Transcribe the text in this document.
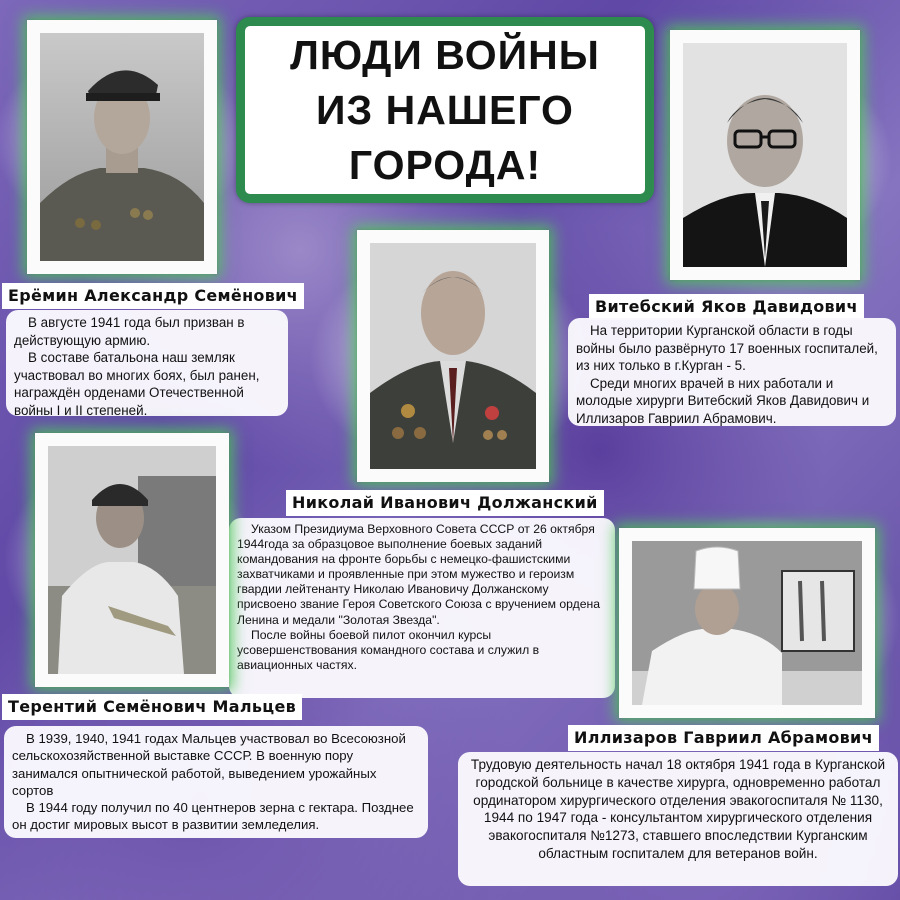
ЛЮДИ ВОЙНЫ
ИЗ НАШЕГО
ГОРОДА!
Ерёмин Александр Семёнович

В августе 1941 года был призван в действующую армию.

В составе батальона наш земляк участвовал во многих боях, был ранен, награждён орденами Отечественной войны I и II степеней.

Витебский Яков Давидович

На территории Курганской области в годы войны было развёрнуто 17 военных госпиталей, из них только в г.Курган - 5.

Среди многих врачей в них работали и молодые хирурги Витебский Яков Давидович и Иллизаров Гавриил Абрамович.

Николай Иванович Должанский

Указом Президиума Верховного Совета СССР от 26 октября 1944года за образцовое выполнение боевых заданий командования на фронте борьбы с немецко-фашистскими захватчиками и проявленные при этом мужество и героизм гвардии лейтенанту Николаю Ивановичу Должанскому присвоено звание Героя Советского Союза с вручением ордена Ленина и медали "Золотая Звезда".

После войны боевой пилот окончил курсы усовершенствования командного состава и служил в авиационных частях.

Терентий Семёнович Мальцев

В 1939, 1940, 1941 годах Мальцев участвовал во Всесоюзной сельскохозяйственной выставке СССР. В военную пору занимался опытнической работой, выведением урожайных сортов

В 1944 году получил по 40 центнеров зерна с гектара. Позднее он достиг мировых высот в развитии земледелия.

Иллизаров Гавриил Абрамович

Трудовую деятельность начал 18 октября 1941 года в Курганской городской больнице в качестве хирурга, одновременно работал ординатором хирургического отделения эвакогоспиталя № 1130, 1944 по 1947 года - консультантом хирургического отделения эвакогоспиталя №1273, ставшего впоследствии Курганским областным госпиталем для ветеранов войн.
